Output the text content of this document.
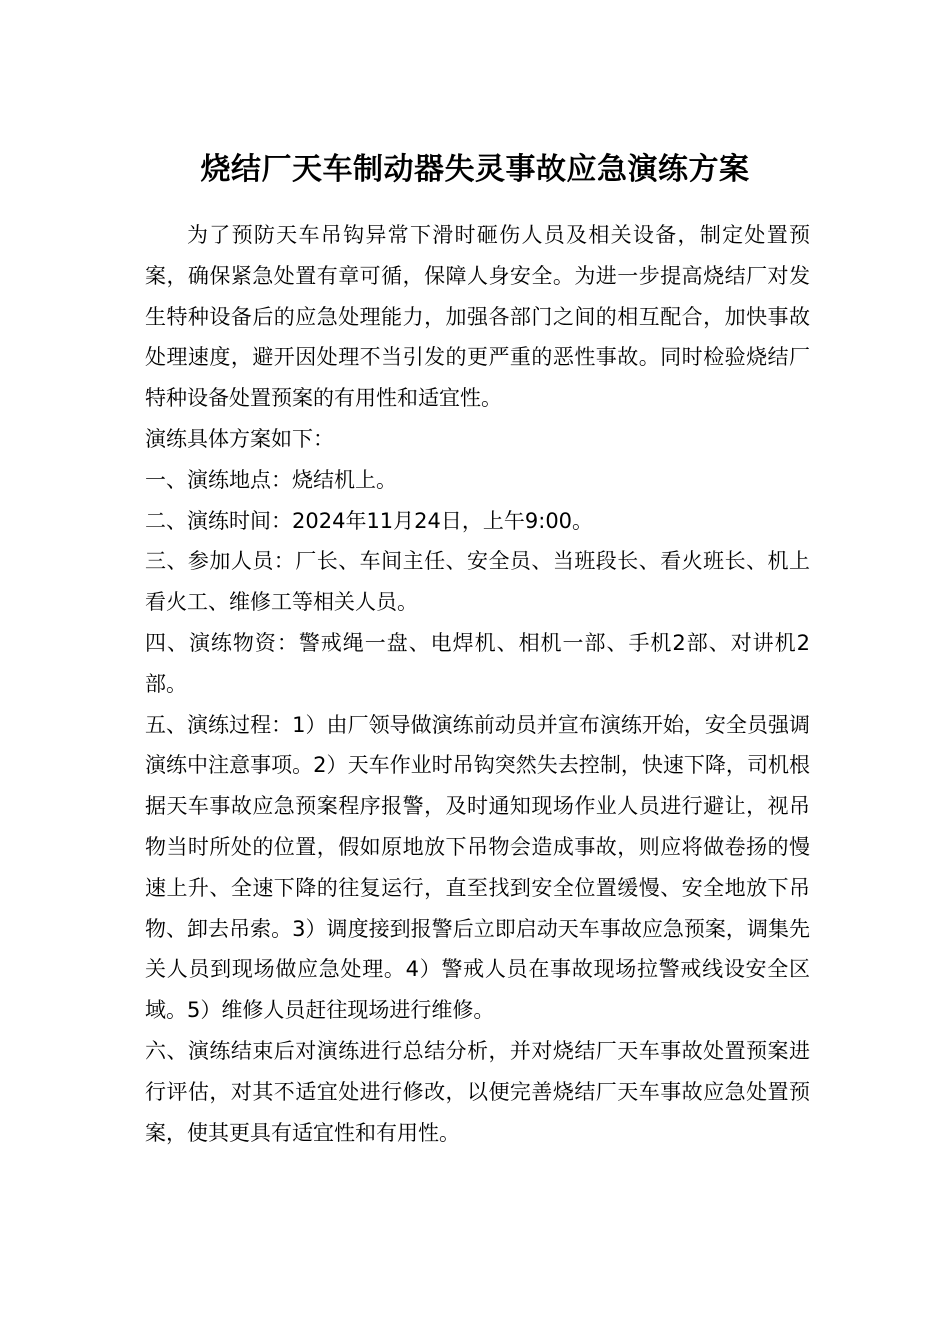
烧结厂天车制动器失灵事故应急演练方案

为了预防天车吊钩异常下滑时砸伤人员及相关设备，制定处置预案，确保紧急处置有章可循，保障人身安全。为进一步提高烧结厂对发生特种设备后的应急处理能力，加强各部门之间的相互配合，加快事故处理速度，避开因处理不当引发的更严重的恶性事故。同时检验烧结厂特种设备处置预案的有用性和适宜性。

演练具体方案如下：

一、演练地点：烧结机上。

二、演练时间：2024年11月24日，上午9:00。

三、参加人员：厂长、车间主任、安全员、当班段长、看火班长、机上看火工、维修工等相关人员。

四、演练物资：警戒绳一盘、电焊机、相机一部、手机2部、对讲机2部。

五、演练过程：1）由厂领导做演练前动员并宣布演练开始，安全员强调演练中注意事项。2）天车作业时吊钩突然失去控制，快速下降，司机根据天车事故应急预案程序报警，及时通知现场作业人员进行避让，视吊物当时所处的位置，假如原地放下吊物会造成事故，则应将做卷扬的慢速上升、全速下降的往复运行，直至找到安全位置缓慢、安全地放下吊物、卸去吊索。3）调度接到报警后立即启动天车事故应急预案，调集先关人员到现场做应急处理。4）警戒人员在事故现场拉警戒线设安全区域。5）维修人员赶往现场进行维修。

六、演练结束后对演练进行总结分析，并对烧结厂天车事故处置预案进行评估，对其不适宜处进行修改，以便完善烧结厂天车事故应急处置预案，使其更具有适宜性和有用性。
